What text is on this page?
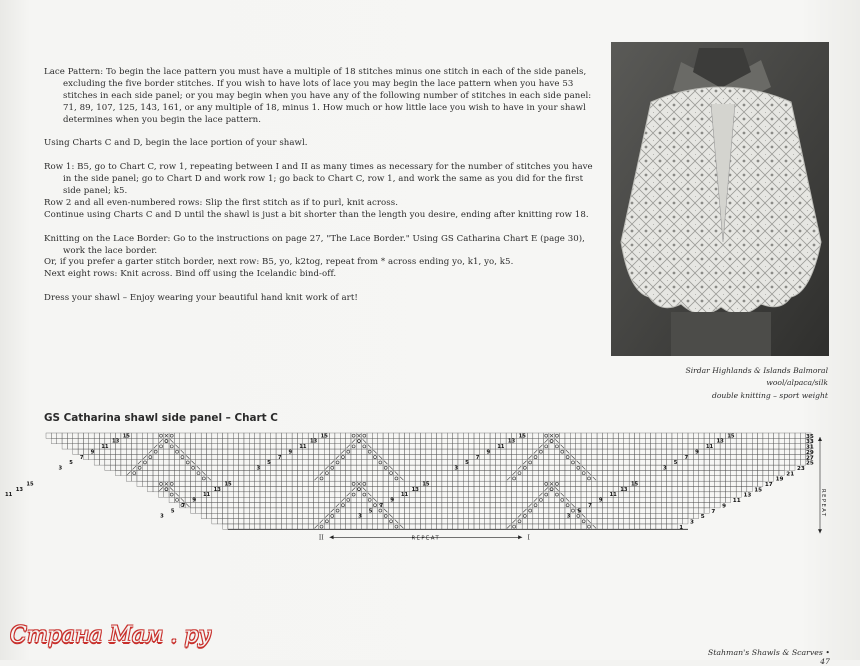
Lace Pattern: To begin the lace pattern you must have a multiple of 18 stitches minus one stitch in each of the side panels, excluding the five border stitches. If you wish to have lots of lace you may begin the lace pattern when you have 53 stitches in each side panel; or you may begin when you have any of the following number of stitches in each side panel: 71, 89, 107, 125, 143, 161, or any multiple of 18, minus 1. How much or how little lace you wish to have in your shawl determines when you begin the lace pattern.

Using Charts C and D, begin the lace portion of your shawl.

Row 1: B5, go to Chart C, row 1, repeating between I and II as many times as necessary for the number of stitches you have in the side panel; go to Chart D and work row 1; go back to Chart C, row 1, and work the same as you did for the first side panel; k5.

Row 2 and all even-numbered rows: Slip the first stitch as if to purl, knit across.

Continue using Charts C and D until the shawl is just a bit shorter than the length you desire, ending after knitting row 18.

Knitting on the Lace Border: Go to the instructions on page 27, "The Lace Border." Using GS Catharina Chart E (page 30), work the lace border.

Or, if you prefer a garter stitch border, next row: B5, yo, k2tog, repeat from * across ending yo, k1, yo, k5.

Next eight rows: Knit across. Bind off using the Icelandic bind-off.

Dress your shawl – Enjoy wearing your beautiful hand knit work of art!

Sirdar Highlands & Islands Balmoral
wool/alpaca/silk
double knitting – sport weight
GS Catharina shawl side panel – Chart C
15
13
11
9
7
5
3
15
13
11
15
13
11
9
7
5
3
15
13
11
9
7
5
3
15
13
11
9
7
5
3
15
13
11
9
7
5
3
15
13
11
9
7
5
3
15
13
11
9
7
5
3
1
3
5
7
9
11
13
15
17
19
21
23
25
27
29
31
33
35
REPEAT
II	I
REPEAT
Stahman's Shawls & Scarves • 47
Страна Мам . ру
